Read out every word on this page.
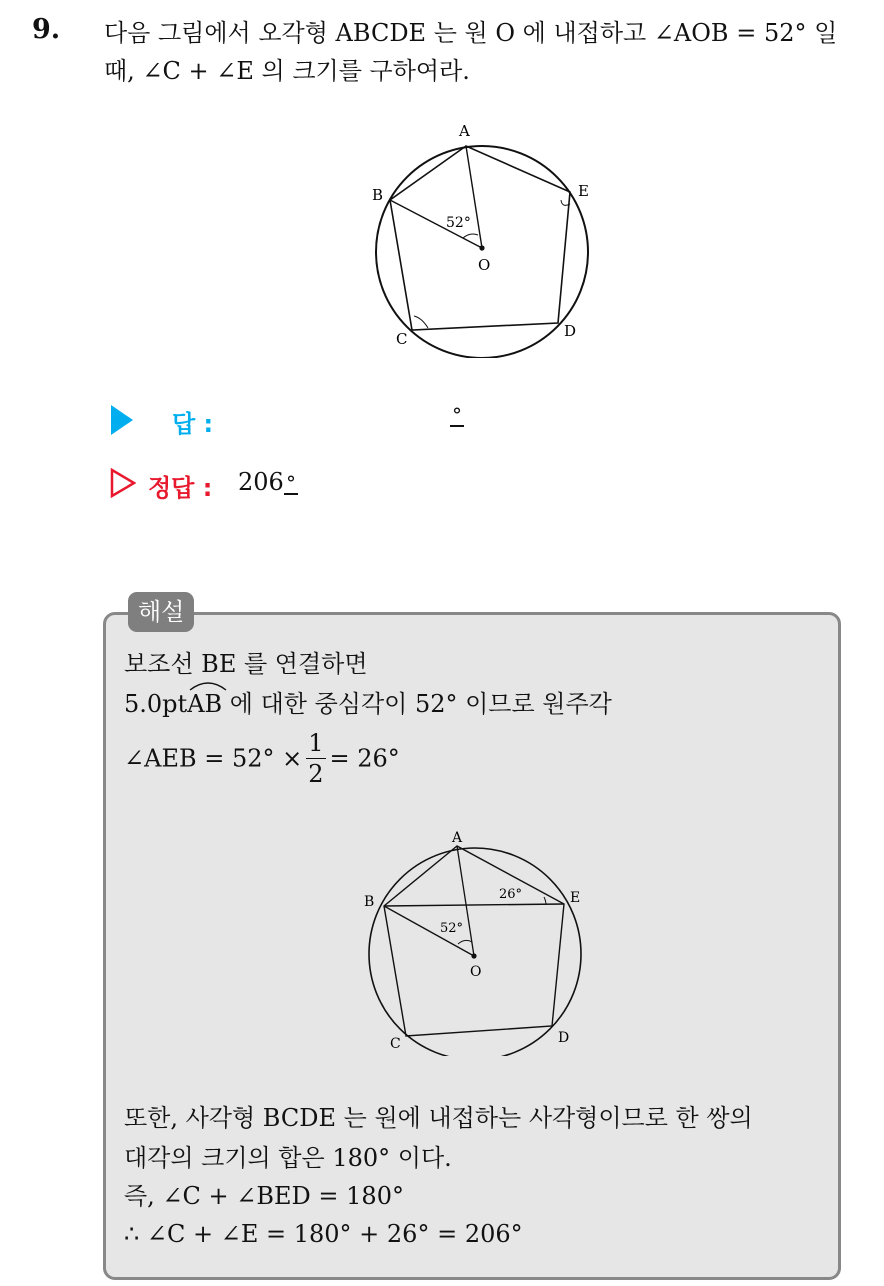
9. 다음 그림에서 오각형 ABCDE 는 원 O 에 내접하고 ∠AOB = 52° 일
때, ∠C + ∠E 의 크기를 구하여라.
A
B
C	D
E
O
52°
답 :	°
정답 : 206 °
해설
보조선 BE 를 연결하면
5.0pt
AB 에 대한 중심각이 52° 이므로 원주각
∠AEB = $52^\circ \times \frac{1}{2} = 26^\circ$
A
B
C	D
E
O
52°
26°
또한, 사각형 BCDE 는 원에 내접하는 사각형이므로 한 쌍의
대각의 크기의 합은 180° 이다.
즉, ∠C + ∠BED = 180°
∴ ∠C + ∠E = 180° + 26° = 206°
